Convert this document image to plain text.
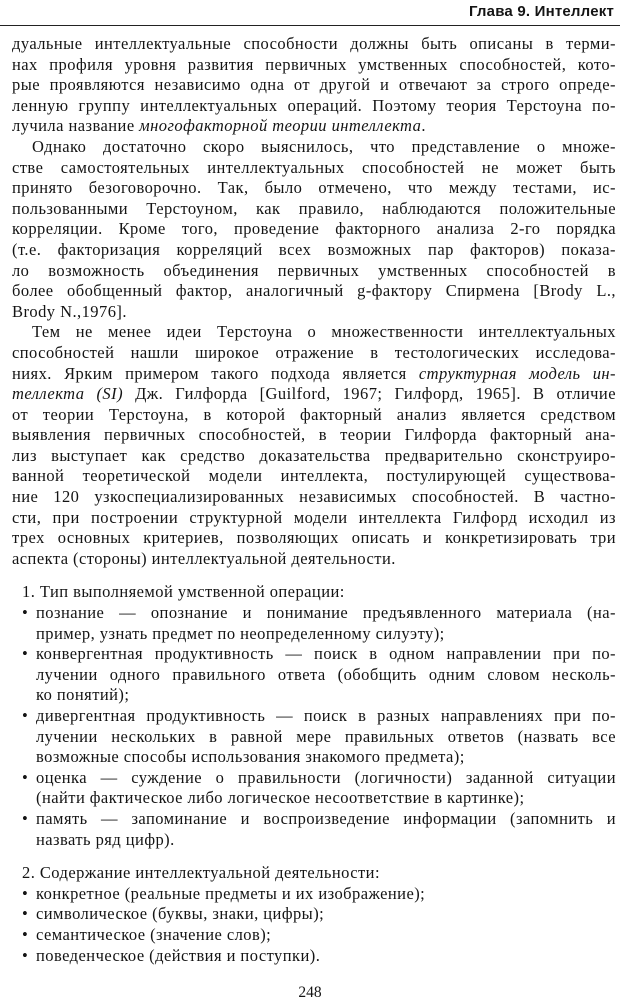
Глава 9. Интеллект
дуальные интеллектуальные способности должны быть описаны в терми-
нах профиля уровня развития первичных умственных способностей, кото-
рые проявляются независимо одна от другой и отвечают за строго опреде-
ленную группу интеллектуальных операций. Поэтому теория Терстоуна по-
лучила название многофакторной теории интеллекта.
Однако достаточно скоро выяснилось, что представление о множе-
стве самостоятельных интеллектуальных способностей не может быть
принято безоговорочно. Так, было отмечено, что между тестами, ис-
пользованными Терстоуном, как правило, наблюдаются положительные
корреляции. Кроме того, проведение факторного анализа 2-го порядка
(т.е. факторизация корреляций всех возможных пар факторов) показа-
ло возможность объединения первичных умственных способностей в
более обобщенный фактор, аналогичный g-фактору Спирмена [Brody L.,
Brody N.,1976].
Тем не менее идеи Терстоуна о множественности интеллектуальных
способностей нашли широкое отражение в тестологических исследова-
ниях. Ярким примером такого подхода является структурная модель ин-
теллекта (SI) Дж. Гилфорда [Guilford, 1967; Гилфорд, 1965]. В отличие
от теории Терстоуна, в которой факторный анализ является средством
выявления первичных способностей, в теории Гилфорда факторный ана-
лиз выступает как средство доказательства предварительно сконструиро-
ванной теоретической модели интеллекта, постулирующей существова-
ние 120 узкоспециализированных независимых способностей. В частно-
сти, при построении структурной модели интеллекта Гилфорд исходил из
трех основных критериев, позволяющих описать и конкретизировать три
аспекта (стороны) интеллектуальной деятельности.
1. Тип выполняемой умственной операции:
• познание — опознание и понимание предъявленного материала (на-
пример, узнать предмет по неопределенному силуэту);
• конвергентная продуктивность — поиск в одном направлении при по-
лучении одного правильного ответа (обобщить одним словом несколь-
ко понятий);
• дивергентная продуктивность — поиск в разных направлениях при по-
лучении нескольких в равной мере правильных ответов (назвать все
возможные способы использования знакомого предмета);
• оценка — суждение о правильности (логичности) заданной ситуации
(найти фактическое либо логическое несоответствие в картинке);
• память — запоминание и воспроизведение информации (запомнить и
назвать ряд цифр).
2. Содержание интеллектуальной деятельности:
• конкретное (реальные предметы и их изображение);
• символическое (буквы, знаки, цифры);
• семантическое (значение слов);
• поведенческое (действия и поступки).
248
